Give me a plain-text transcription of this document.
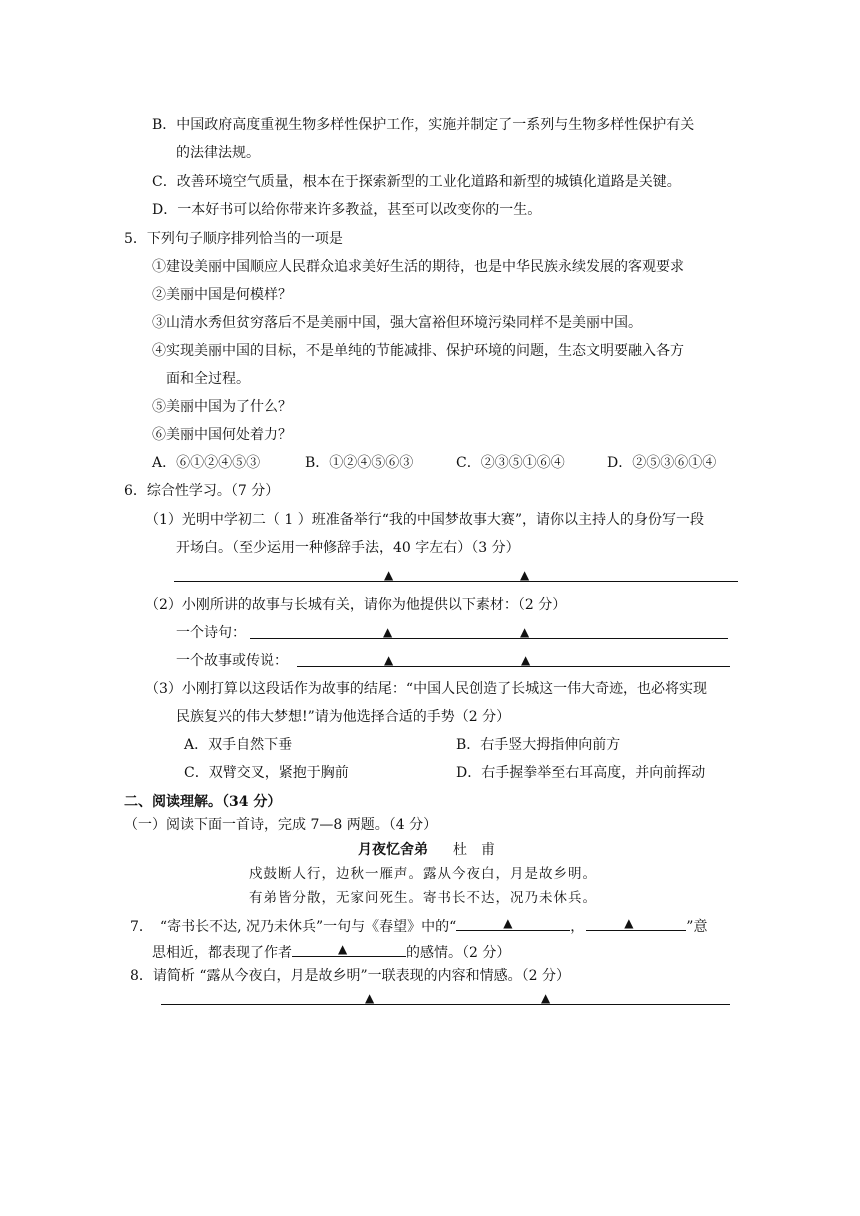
B．中国政府高度重视生物多样性保护工作，实施并制定了一系列与生物多样性保护有关
的法律法规。
C．改善环境空气质量，根本在于探索新型的工业化道路和新型的城镇化道路是关键。
D．一本好书可以给你带来许多教益，甚至可以改变你的一生。
5．下列句子顺序排列恰当的一项是
①建设美丽中国顺应人民群众追求美好生活的期待，也是中华民族永续发展的客观要求
②美丽中国是何模样？
③山清水秀但贫穷落后不是美丽中国，强大富裕但环境污染同样不是美丽中国。
④实现美丽中国的目标，不是单纯的节能减排、保护环境的问题，生态文明要融入各方
面和全过程。
⑤美丽中国为了什么？
⑥美丽中国何处着力？
A．⑥①②④⑤③	B．①②④⑤⑥③	C．②③⑤①⑥④	D．②⑤③⑥①④
6．综合性学习。（7 分）
（1）光明中学初二（ 1 ）班准备举行“我的中国梦故事大赛”，请你以主持人的身份写一段
开场白。（至少运用一种修辞手法，40 字左右）（3 分）
▲	▲
（2）小刚所讲的故事与长城有关，请你为他提供以下素材：（2 分）
一个诗句：	▲	▲
一个故事或传说：	▲	▲
（3）小刚打算以这段话作为故事的结尾：“中国人民创造了长城这一伟大奇迹，也必将实现
民族复兴的伟大梦想!”请为他选择合适的手势（2 分）
A．双手自然下垂	B．右手竖大拇指伸向前方
C．双臂交叉，紧抱于胸前	D．右手握拳举至右耳高度，并向前挥动
二、阅读理解。（34 分）
（一）阅读下面一首诗，完成 7—8 两题。（4 分）
月夜忆舍弟 杜　甫
戍鼓断人行，边秋一雁声。露从今夜白，月是故乡明。
有弟皆分散，无家问死生。寄书长不达，况乃未休兵。
7．　“寄书长不达, 况乃未休兵”一句与《春望》中的“	▲	，	▲	”意
思相近，都表现了作者	▲	的感情。（2 分）
8．请简析 “露从今夜白，月是故乡明”一联表现的内容和情感。（2 分）
▲	▲
